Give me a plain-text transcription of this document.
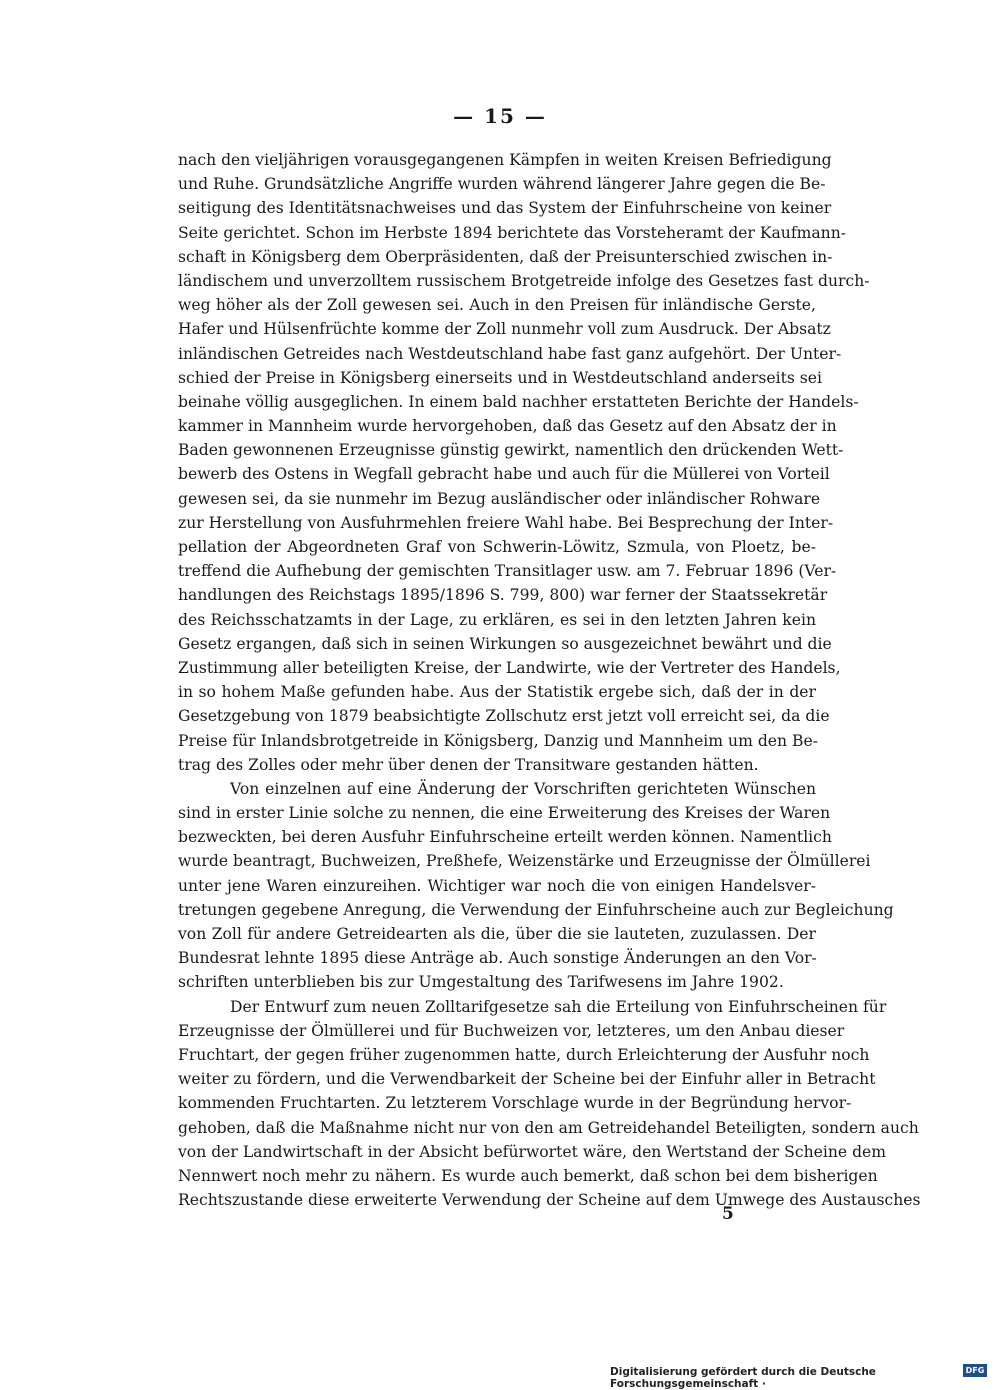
— 15 —
nach den vieljährigen vorausgegangenen Kämpfen in weiten Kreisen Befriedigung
und Ruhe. Grundsätzliche Angriffe wurden während längerer Jahre gegen die Be-
seitigung des Identitätsnachweises und das System der Einfuhrscheine von keiner
Seite gerichtet. Schon im Herbste 1894 berichtete das Vorsteheramt der Kaufmann-
schaft in Königsberg dem Oberpräsidenten, daß der Preisunterschied zwischen in-
ländischem und unverzolltem russischem Brotgetreide infolge des Gesetzes fast durch-
weg höher als der Zoll gewesen sei. Auch in den Preisen für inländische Gerste,
Hafer und Hülsenfrüchte komme der Zoll nunmehr voll zum Ausdruck. Der Absatz
inländischen Getreides nach Westdeutschland habe fast ganz aufgehört. Der Unter-
schied der Preise in Königsberg einerseits und in Westdeutschland anderseits sei
beinahe völlig ausgeglichen. In einem bald nachher erstatteten Berichte der Handels-
kammer in Mannheim wurde hervorgehoben, daß das Gesetz auf den Absatz der in
Baden gewonnenen Erzeugnisse günstig gewirkt, namentlich den drückenden Wett-
bewerb des Ostens in Wegfall gebracht habe und auch für die Müllerei von Vorteil
gewesen sei, da sie nunmehr im Bezug ausländischer oder inländischer Rohware
zur Herstellung von Ausfuhrmehlen freiere Wahl habe. Bei Besprechung der Inter-
pellation der Abgeordneten Graf von Schwerin-Löwitz, Szmula, von Ploetz, be-
treffend die Aufhebung der gemischten Transitlager usw. am 7. Februar 1896 (Ver-
handlungen des Reichstags 1895/1896 S. 799, 800) war ferner der Staatssekretär
des Reichsschatzamts in der Lage, zu erklären, es sei in den letzten Jahren kein
Gesetz ergangen, daß sich in seinen Wirkungen so ausgezeichnet bewährt und die
Zustimmung aller beteiligten Kreise, der Landwirte, wie der Vertreter des Handels,
in so hohem Maße gefunden habe. Aus der Statistik ergebe sich, daß der in der
Gesetzgebung von 1879 beabsichtigte Zollschutz erst jetzt voll erreicht sei, da die
Preise für Inlandsbrotgetreide in Königsberg, Danzig und Mannheim um den Be-
trag des Zolles oder mehr über denen der Transitware gestanden hätten.
Von einzelnen auf eine Änderung der Vorschriften gerichteten Wünschen
sind in erster Linie solche zu nennen, die eine Erweiterung des Kreises der Waren
bezweckten, bei deren Ausfuhr Einfuhrscheine erteilt werden können. Namentlich
wurde beantragt, Buchweizen, Preßhefe, Weizenstärke und Erzeugnisse der Ölmüllerei
unter jene Waren einzureihen. Wichtiger war noch die von einigen Handelsver-
tretungen gegebene Anregung, die Verwendung der Einfuhrscheine auch zur Begleichung
von Zoll für andere Getreidearten als die, über die sie lauteten, zuzulassen. Der
Bundesrat lehnte 1895 diese Anträge ab. Auch sonstige Änderungen an den Vor-
schriften unterblieben bis zur Umgestaltung des Tarifwesens im Jahre 1902.
Der Entwurf zum neuen Zolltarifgesetze sah die Erteilung von Einfuhrscheinen für
Erzeugnisse der Ölmüllerei und für Buchweizen vor, letzteres, um den Anbau dieser
Fruchtart, der gegen früher zugenommen hatte, durch Erleichterung der Ausfuhr noch
weiter zu fördern, und die Verwendbarkeit der Scheine bei der Einfuhr aller in Betracht
kommenden Fruchtarten. Zu letzterem Vorschlage wurde in der Begründung hervor-
gehoben, daß die Maßnahme nicht nur von den am Getreidehandel Beteiligten, sondern auch
von der Landwirtschaft in der Absicht befürwortet wäre, den Wertstand der Scheine dem
Nennwert noch mehr zu nähern. Es wurde auch bemerkt, daß schon bei dem bisherigen
Rechtszustande diese erweiterte Verwendung der Scheine auf dem Umwege des Austausches
5
Digitalisierung gefördert durch die Deutsche Forschungsgemeinschaft ·
DFG
